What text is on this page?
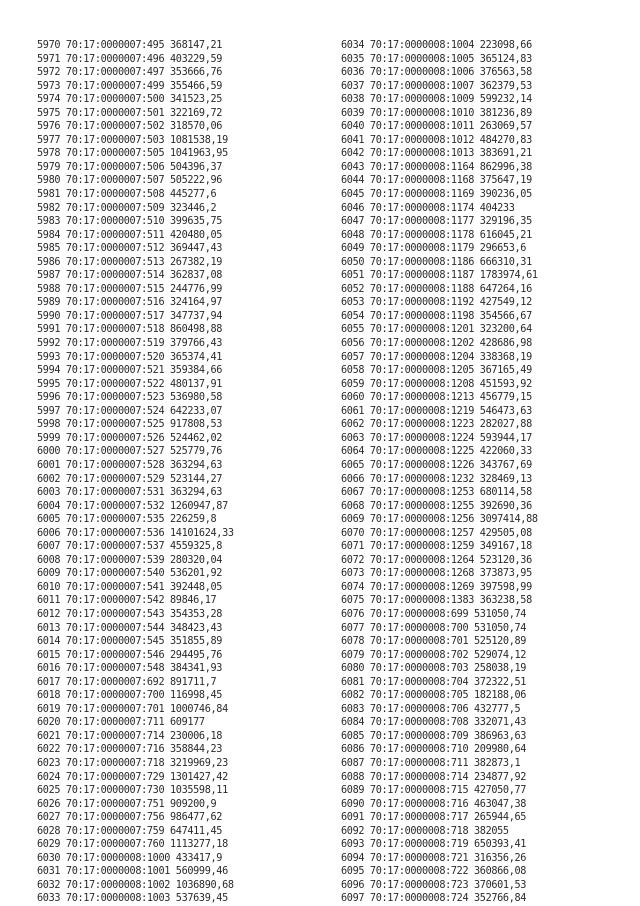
5970 70:17:0000007:495 368147,21
5971 70:17:0000007:496 403229,59
5972 70:17:0000007:497 353666,76
5973 70:17:0000007:499 355466,59
5974 70:17:0000007:500 341523,25
5975 70:17:0000007:501 322169,72
5976 70:17:0000007:502 318570,06
5977 70:17:0000007:503 1081538,19
5978 70:17:0000007:505 1041963,95
5979 70:17:0000007:506 504396,37
5980 70:17:0000007:507 505222,96
5981 70:17:0000007:508 445277,6
5982 70:17:0000007:509 323446,2
5983 70:17:0000007:510 399635,75
5984 70:17:0000007:511 420480,05
5985 70:17:0000007:512 369447,43
5986 70:17:0000007:513 267382,19
5987 70:17:0000007:514 362837,08
5988 70:17:0000007:515 244776,99
5989 70:17:0000007:516 324164,97
5990 70:17:0000007:517 347737,94
5991 70:17:0000007:518 860498,88
5992 70:17:0000007:519 379766,43
5993 70:17:0000007:520 365374,41
5994 70:17:0000007:521 359384,66
5995 70:17:0000007:522 480137,91
5996 70:17:0000007:523 536980,58
5997 70:17:0000007:524 642233,07
5998 70:17:0000007:525 917808,53
5999 70:17:0000007:526 524462,02
6000 70:17:0000007:527 525779,76
6001 70:17:0000007:528 363294,63
6002 70:17:0000007:529 523144,27
6003 70:17:0000007:531 363294,63
6004 70:17:0000007:532 1260947,87
6005 70:17:0000007:535 226259,8
6006 70:17:0000007:536 14101624,33
6007 70:17:0000007:537 4559325,8
6008 70:17:0000007:539 280320,04
6009 70:17:0000007:540 536201,92
6010 70:17:0000007:541 392448,05
6011 70:17:0000007:542 89846,17
6012 70:17:0000007:543 354353,28
6013 70:17:0000007:544 348423,43
6014 70:17:0000007:545 351855,89
6015 70:17:0000007:546 294495,76
6016 70:17:0000007:548 384341,93
6017 70:17:0000007:692 891711,7
6018 70:17:0000007:700 116998,45
6019 70:17:0000007:701 1000746,84
6020 70:17:0000007:711 609177
6021 70:17:0000007:714 230006,18
6022 70:17:0000007:716 358844,23
6023 70:17:0000007:718 3219969,23
6024 70:17:0000007:729 1301427,42
6025 70:17:0000007:730 1035598,11
6026 70:17:0000007:751 909200,9
6027 70:17:0000007:756 986477,62
6028 70:17:0000007:759 647411,45
6029 70:17:0000007:760 1113277,18
6030 70:17:0000008:1000 433417,9
6031 70:17:0000008:1001 560999,46
6032 70:17:0000008:1002 1036890,68
6033 70:17:0000008:1003 537639,45
6034 70:17:0000008:1004 223098,66
6035 70:17:0000008:1005 365124,83
6036 70:17:0000008:1006 376563,58
6037 70:17:0000008:1007 362379,53
6038 70:17:0000008:1009 599232,14
6039 70:17:0000008:1010 381236,89
6040 70:17:0000008:1011 263069,57
6041 70:17:0000008:1012 484270,83
6042 70:17:0000008:1013 383691,21
6043 70:17:0000008:1164 862996,38
6044 70:17:0000008:1168 375647,19
6045 70:17:0000008:1169 390236,05
6046 70:17:0000008:1174 404233
6047 70:17:0000008:1177 329196,35
6048 70:17:0000008:1178 616045,21
6049 70:17:0000008:1179 296653,6
6050 70:17:0000008:1186 666310,31
6051 70:17:0000008:1187 1783974,61
6052 70:17:0000008:1188 647264,16
6053 70:17:0000008:1192 427549,12
6054 70:17:0000008:1198 354566,67
6055 70:17:0000008:1201 323200,64
6056 70:17:0000008:1202 428686,98
6057 70:17:0000008:1204 338368,19
6058 70:17:0000008:1205 367165,49
6059 70:17:0000008:1208 451593,92
6060 70:17:0000008:1213 456779,15
6061 70:17:0000008:1219 546473,63
6062 70:17:0000008:1223 282027,88
6063 70:17:0000008:1224 593944,17
6064 70:17:0000008:1225 422060,33
6065 70:17:0000008:1226 343767,69
6066 70:17:0000008:1232 328469,13
6067 70:17:0000008:1253 680114,58
6068 70:17:0000008:1255 392690,36
6069 70:17:0000008:1256 3097414,88
6070 70:17:0000008:1257 429505,08
6071 70:17:0000008:1259 349167,18
6072 70:17:0000008:1264 523120,36
6073 70:17:0000008:1268 373873,95
6074 70:17:0000008:1269 397598,99
6075 70:17:0000008:1383 363238,58
6076 70:17:0000008:699 531050,74
6077 70:17:0000008:700 531050,74
6078 70:17:0000008:701 525120,89
6079 70:17:0000008:702 529074,12
6080 70:17:0000008:703 258038,19
6081 70:17:0000008:704 372322,51
6082 70:17:0000008:705 182188,06
6083 70:17:0000008:706 432777,5
6084 70:17:0000008:708 332071,43
6085 70:17:0000008:709 386963,63
6086 70:17:0000008:710 209980,64
6087 70:17:0000008:711 382873,1
6088 70:17:0000008:714 234877,92
6089 70:17:0000008:715 427050,77
6090 70:17:0000008:716 463047,38
6091 70:17:0000008:717 265944,65
6092 70:17:0000008:718 382055
6093 70:17:0000008:719 650393,41
6094 70:17:0000008:721 316356,26
6095 70:17:0000008:722 360866,08
6096 70:17:0000008:723 370601,53
6097 70:17:0000008:724 352766,84
